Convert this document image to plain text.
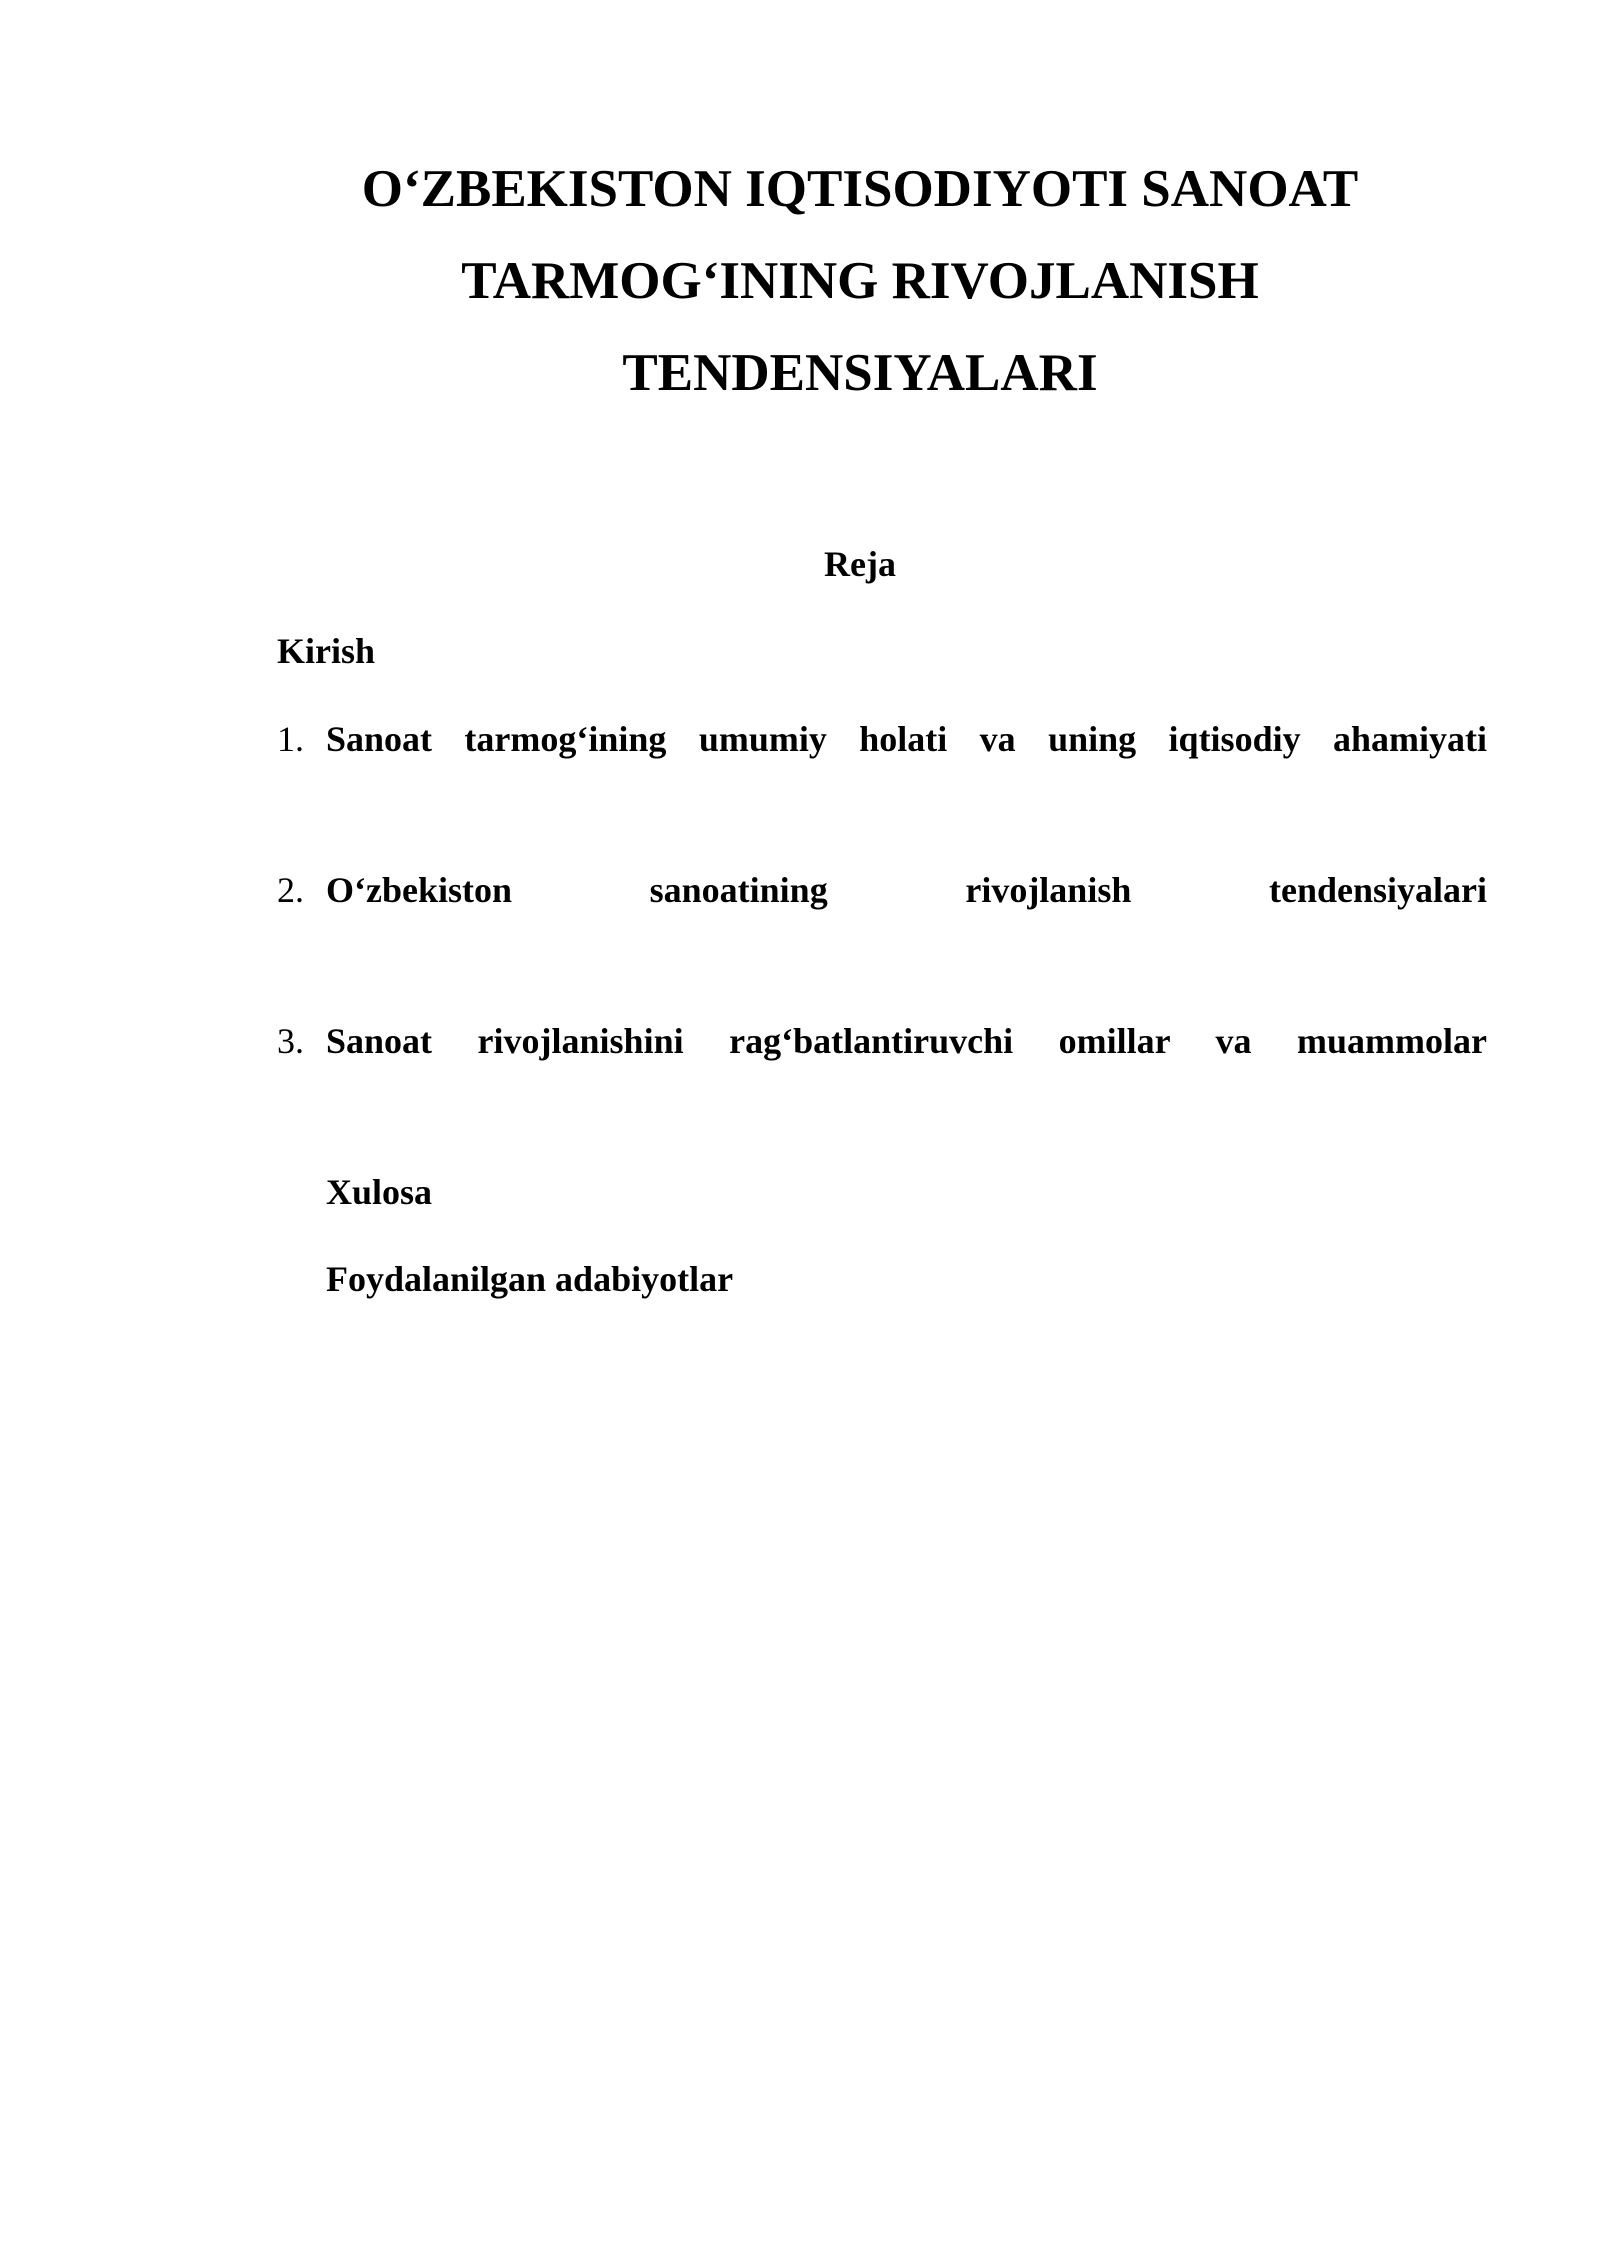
O‘ZBEKISTON IQTISODIYOTI SANOAT
TARMOG‘INING RIVOJLANISH
TENDENSIYALARI
Reja
Kirish
1. Sanoat tarmog‘ining umumiy holati va uning iqtisodiy ahamiyati
2. O‘zbekiston sanoatining rivojlanish tendensiyalari
3. Sanoat rivojlanishini rag‘batlantiruvchi omillar va muammolar
Xulosa
Foydalanilgan adabiyotlar
